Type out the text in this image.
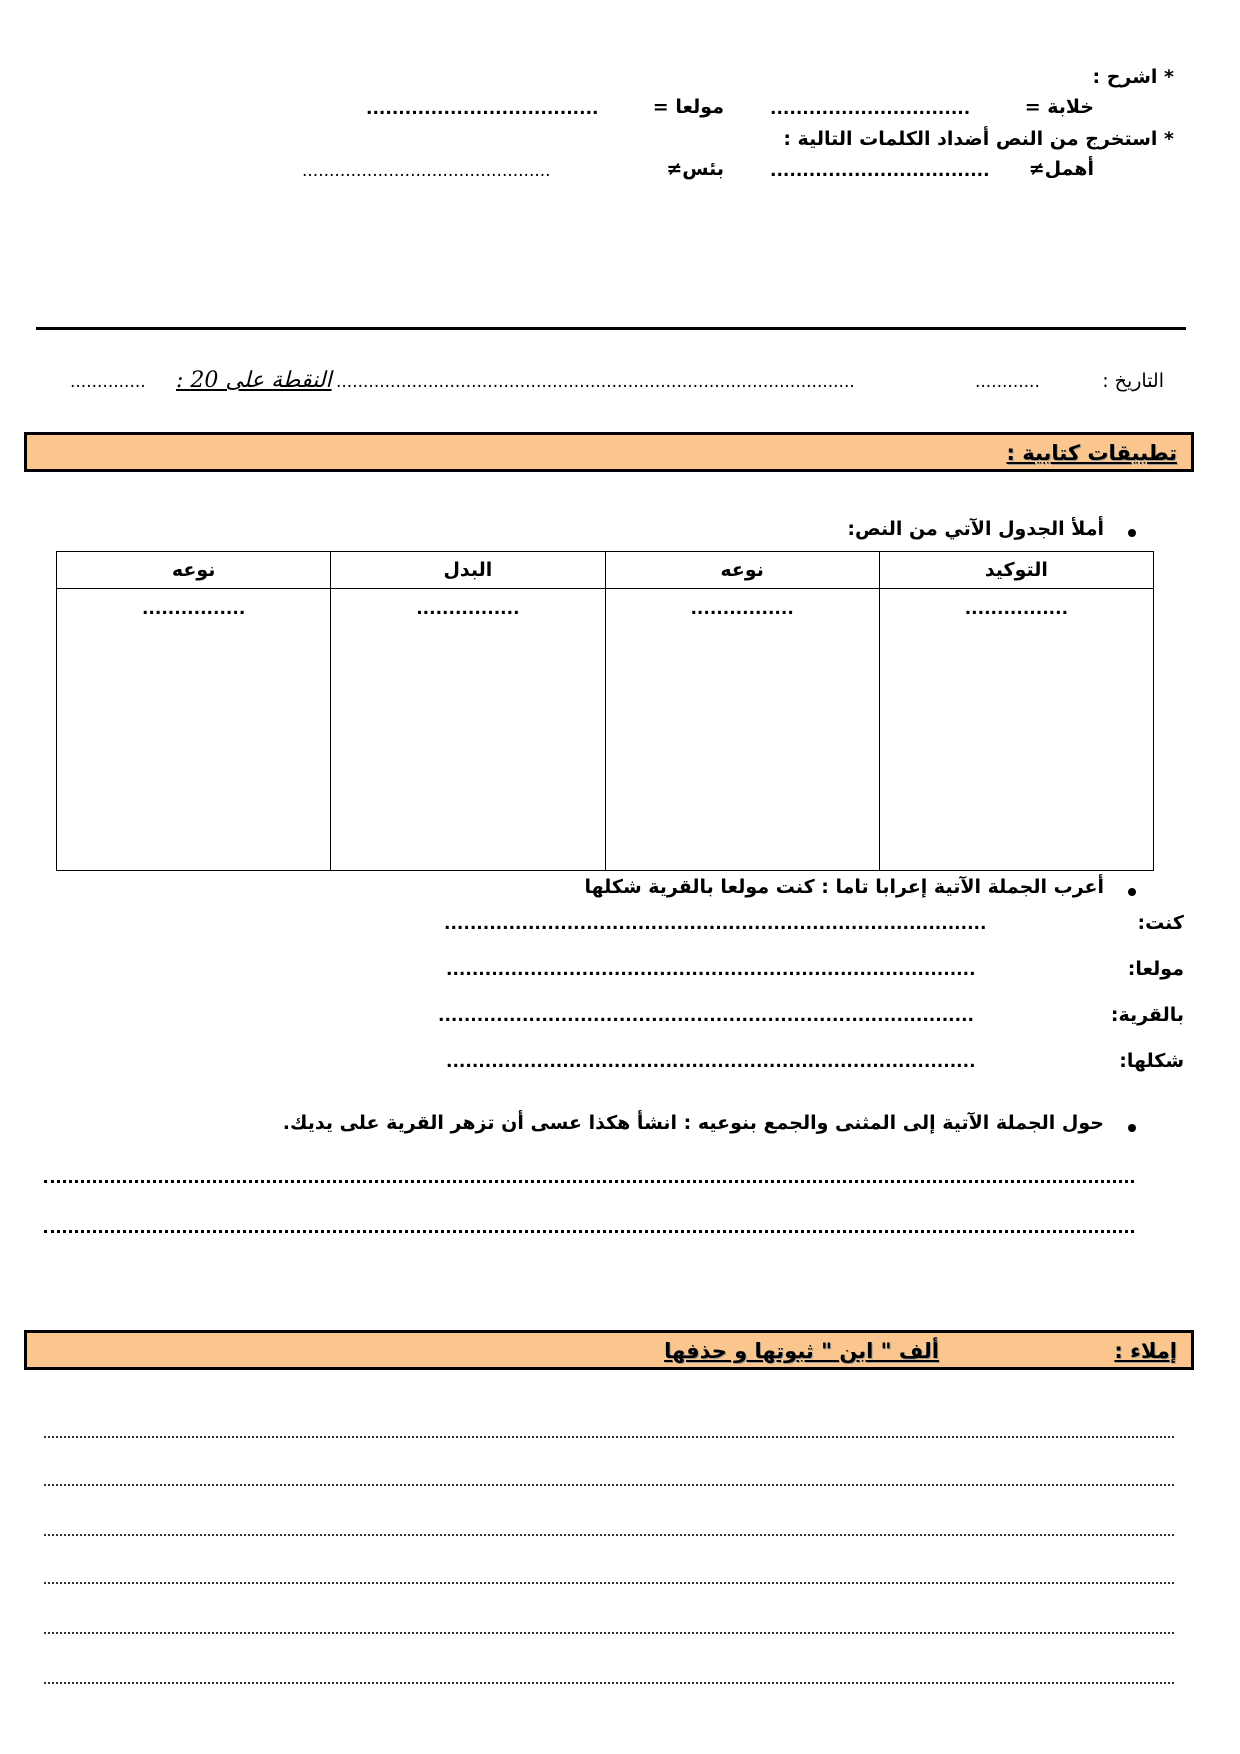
* اشرح :
خلابة =
...............................
مولعا =
....................................
* استخرج من النص أضداد الكلمات التالية :
أهمل≠
..................................
بئس≠
..............................................
التاريخ :
............
................................................................................................
النقطة على 20 :
..............
تطبيقات كتابية :
أملأ الجدول الآتي من النص:
التوكيد	نوعه	البدل	نوعه
................	................	................	................
أعرب الجملة الآتية إعرابا تاما : كنت مولعا بالقرية شكلها
كنت:
....................................................................................
مولعا:
..................................................................................
بالقرية:
...................................................................................
شكلها:
..................................................................................
حول الجملة الآتية إلى المثنى والجمع بنوعيه : انشأ هكذا عسى أن تزهر القرية على يديك.
إملاء :
ألف " ابن " ثبوتها و حذفها
